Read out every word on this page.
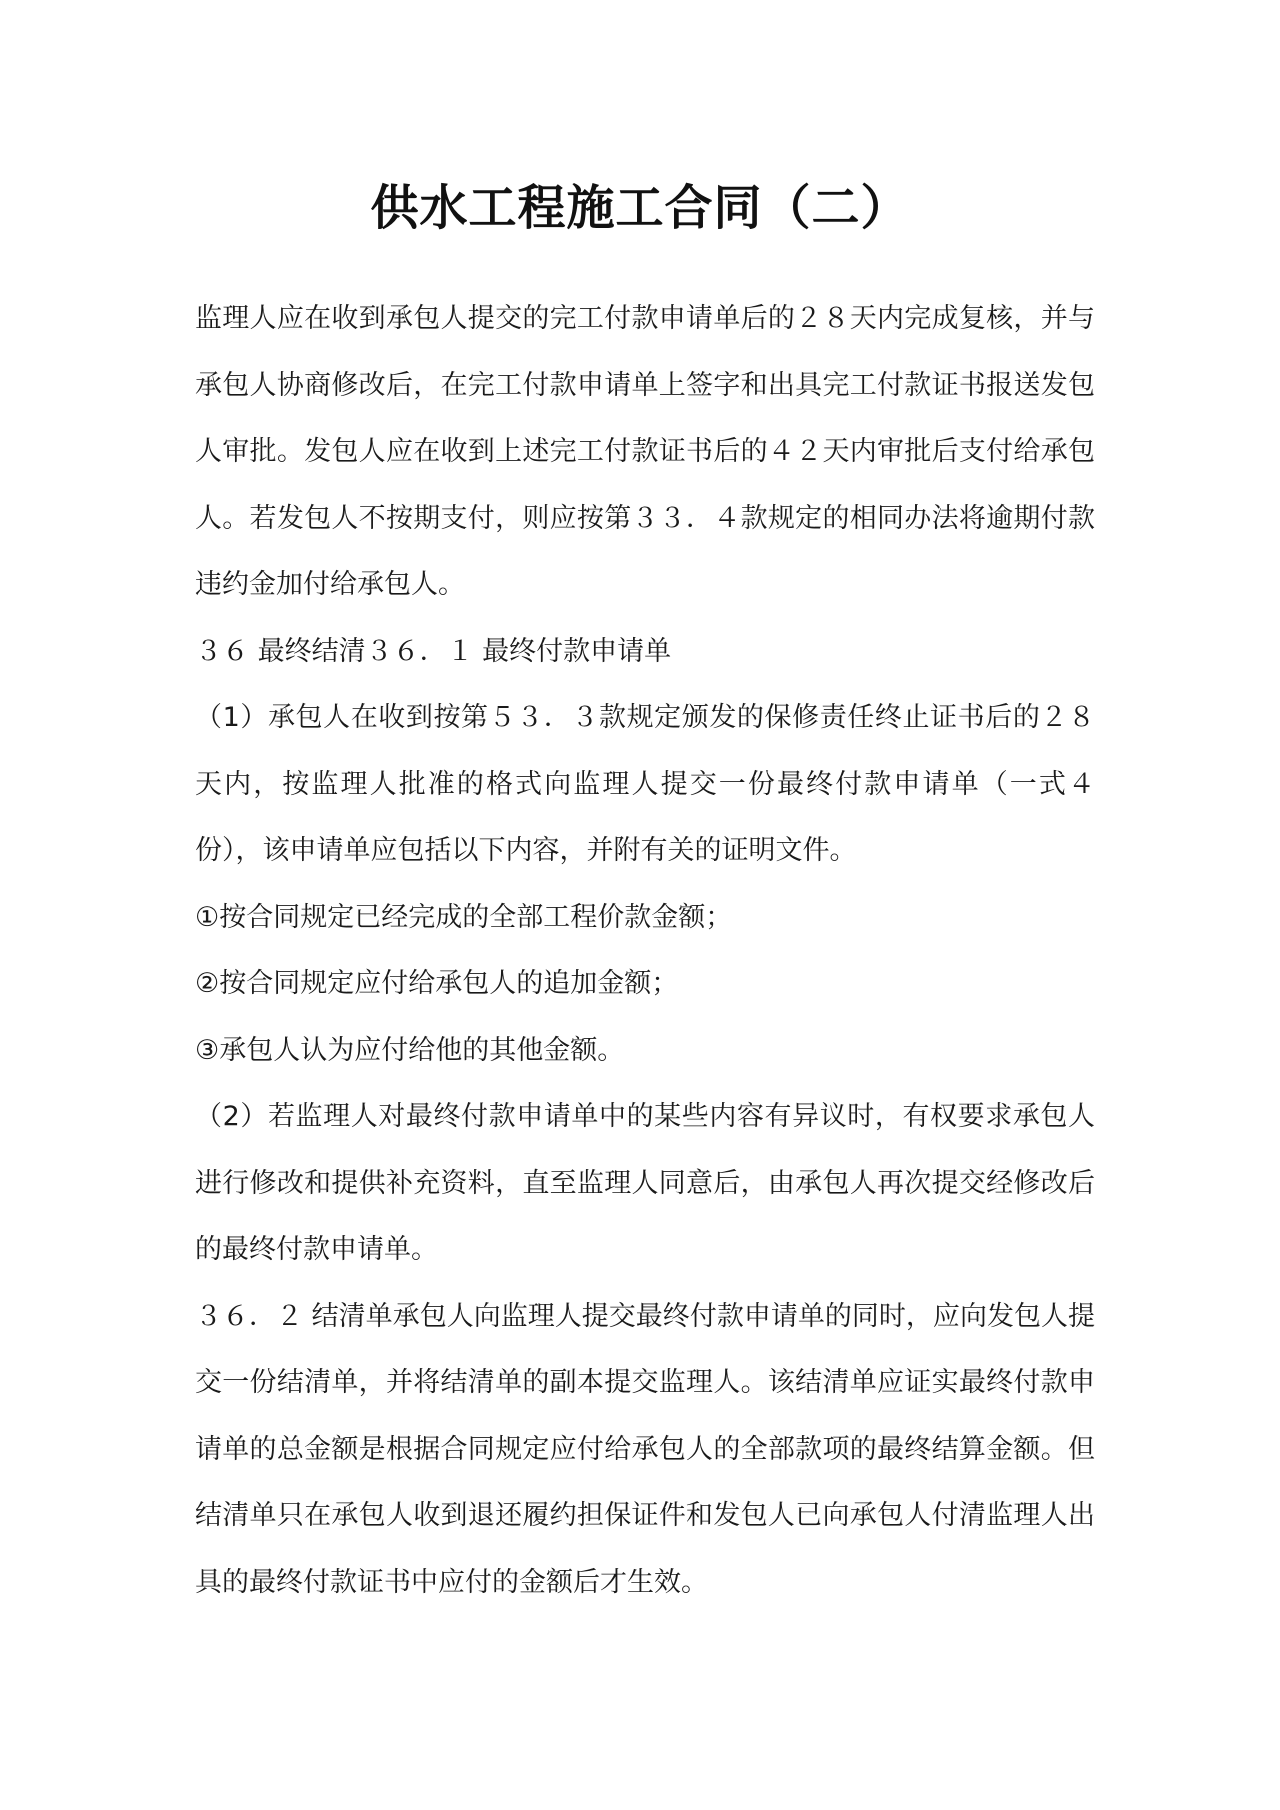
供水工程施工合同（二）

监理人应在收到承包人提交的完工付款申请单后的２８天内完成复核，并与承包人协商修改后，在完工付款申请单上签字和出具完工付款证书报送发包人审批。发包人应在收到上述完工付款证书后的４２天内审批后支付给承包人。若发包人不按期支付，则应按第３３．４款规定的相同办法将逾期付款违约金加付给承包人。

３６ 最终结清３６．１ 最终付款申请单

（1）承包人在收到按第５３．３款规定颁发的保修责任终止证书后的２８天内，按监理人批准的格式向监理人提交一份最终付款申请单（一式４份），该申请单应包括以下内容，并附有关的证明文件。

①按合同规定已经完成的全部工程价款金额；

②按合同规定应付给承包人的追加金额；

③承包人认为应付给他的其他金额。

（2）若监理人对最终付款申请单中的某些内容有异议时，有权要求承包人进行修改和提供补充资料，直至监理人同意后，由承包人再次提交经修改后的最终付款申请单。

３６．２ 结清单承包人向监理人提交最终付款申请单的同时，应向发包人提交一份结清单，并将结清单的副本提交监理人。该结清单应证实最终付款申请单的总金额是根据合同规定应付给承包人的全部款项的最终结算金额。但结清单只在承包人收到退还履约担保证件和发包人已向承包人付清监理人出具的最终付款证书中应付的金额后才生效。
